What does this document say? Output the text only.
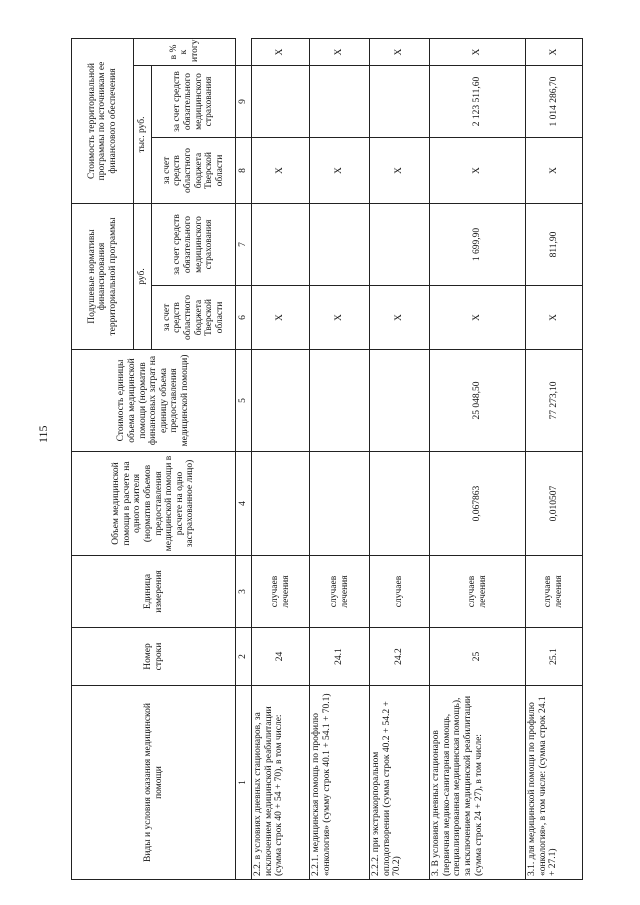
115
Виды и условия оказания медицинской помощи	Номер строки	Единица измерения	Объем медицинской помощи в расчете на одного жителя (норматив объемов предоставления медицинской помощи в расчете на одно застрахованное лицо)	Стоимость единицы объема медицинской помощи (норматив финансовых затрат на единицу объема предоставления медицинской помощи)	Подушевые нормативы финансирования территориальной программы		Стоимость территориальной программы по источникам ее финансового обеспечения		
					руб.		тыс. руб.		в % к итогу
					за счет средств областного бюджета Тверской области	за счет средств обязательного медицинского страхования	за счет средств областного бюджета Тверской области	за счет средств обязательного медицинского страхования	
1	2	3	4	5	6	7	8	9	
2.2. в условиях дневных стационаров, за исключением медицинской реабилитации (сумма строк 40 + 54 + 70), в том числе:	24	случаев лечения			X		X		X
2.2.1. медицинская помощь по профилю «онкология» (сумму строк 40.1 + 54.1 + 70.1)	24.1	случаев лечения			X		X		X
2.2.2. при экстракорпоральном оплодотворении (сумма строк 40.2 + 54.2 + 70.2)	24.2	случаев			X		X		X
3. В условиях дневных стационаров (первичная медико-санитарная помощь, специализированная медицинская помощь), за исключением медицинской реабилитации (сумма строк 24 + 27), в том числе:	25	случаев лечения	0,067863	25 048,50	X	1 699,90	X	2 123 511,60	X
3.1. для медицинской помощи по профилю «онкология», в том числе: (сумма строк 24.1 + 27.1)	25.1	случаев лечения	0,010507	77 273,10	X	811,90	X	1 014 286,70	X
